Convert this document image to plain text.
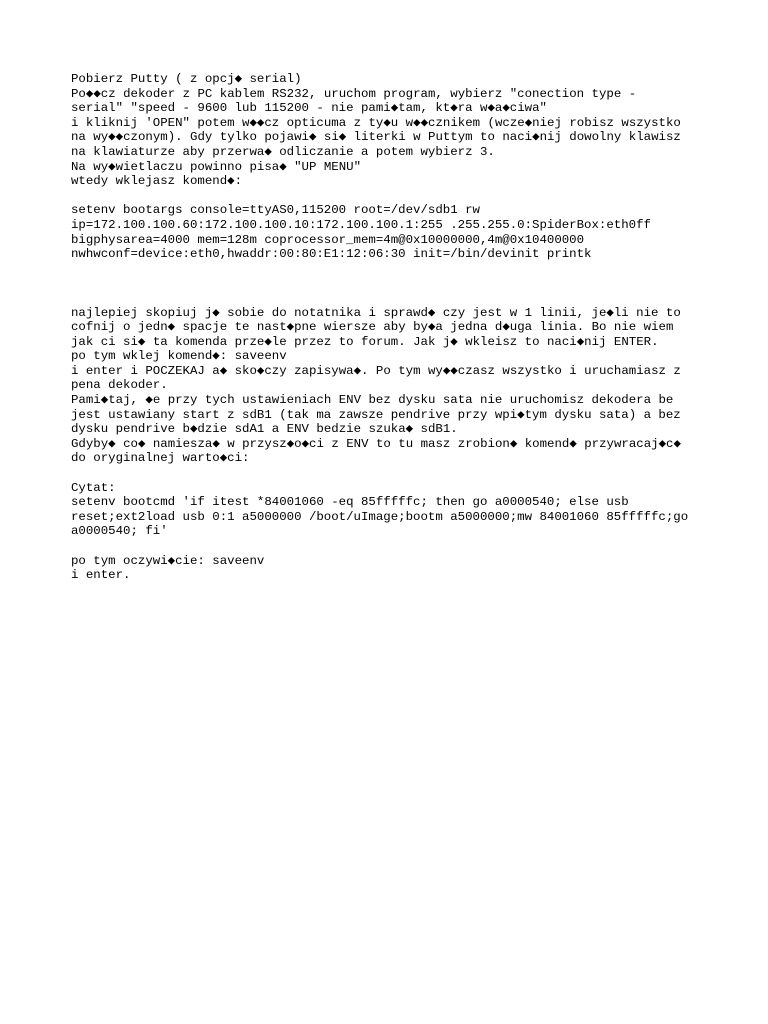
Pobierz Putty ( z opcj◆ serial)
Po◆◆cz dekoder z PC kablem RS232, uruchom program, wybierz "conection type -
serial" "speed - 9600 lub 115200 - nie pami◆tam, kt◆ra w◆a◆ciwa"
i kliknij 'OPEN" potem w◆◆cz opticuma z ty◆u w◆◆cznikem (wcze◆niej robisz wszystko
na wy◆◆czonym). Gdy tylko pojawi◆ si◆ literki w Puttym to naci◆nij dowolny klawisz
na klawiaturze aby przerwa◆ odliczanie a potem wybierz 3.
Na wy◆wietlaczu powinno pisa◆ "UP MENU"
wtedy wklejasz komend◆:
setenv bootargs console=ttyAS0,115200 root=/dev/sdb1 rw
ip=172.100.100.60:172.100.100.10:172.100.100.1:255 .255.255.0:SpiderBox:eth0ff
bigphysarea=4000 mem=128m coprocessor_mem=4m@0x10000000,4m@0x10400000
nwhwconf=device:eth0,hwaddr:00:80:E1:12:06:30 init=/bin/devinit printk
najlepiej skopiuj j◆ sobie do notatnika i sprawd◆ czy jest w 1 linii, je◆li nie to
cofnij o jedn◆ spacje te nast◆pne wiersze aby by◆a jedna d◆uga linia. Bo nie wiem
jak ci si◆ ta komenda prze◆le przez to forum. Jak j◆ wkleisz to naci◆nij ENTER.
po tym wklej komend◆: saveenv
i enter i POCZEKAJ a◆ sko◆czy zapisywa◆. Po tym wy◆◆czasz wszystko i uruchamiasz z
pena dekoder.
Pami◆taj, ◆e przy tych ustawieniach ENV bez dysku sata nie uruchomisz dekodera be
jest ustawiany start z sdB1 (tak ma zawsze pendrive przy wpi◆tym dysku sata) a bez
dysku pendrive b◆dzie sdA1 a ENV bedzie szuka◆ sdB1.
Gdyby◆ co◆ namiesza◆ w przysz◆o◆ci z ENV to tu masz zrobion◆ komend◆ przywracaj◆c◆
do oryginalnej warto◆ci:
Cytat:
setenv bootcmd 'if itest *84001060 -eq 85fffffc; then go a0000540; else usb
reset;ext2load usb 0:1 a5000000 /boot/uImage;bootm a5000000;mw 84001060 85fffffc;go
a0000540; fi'
po tym oczywi◆cie: saveenv
i enter.
